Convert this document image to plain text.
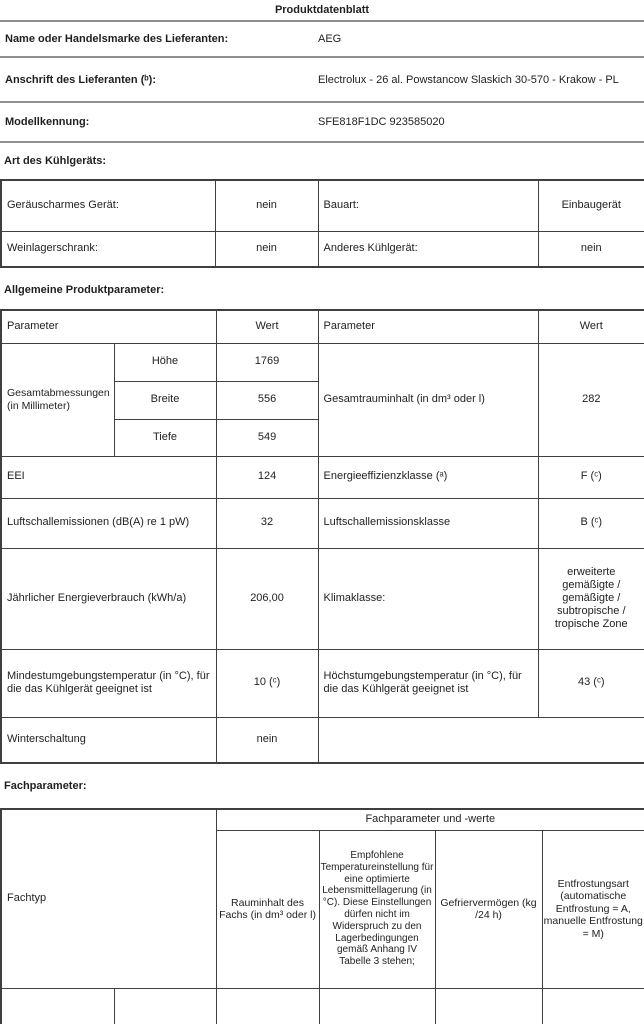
Produktdatenblatt
Name oder Handelsmarke des Lieferanten:	AEG
Anschrift des Lieferanten (ᵇ):	Electrolux - 26 al. Powstancow Slaskich 30-570 - Krakow - PL
Modellkennung:	SFE818F1DC 923585020
Art des Kühlgeräts:
Geräuscharmes Gerät:	nein	Bauart:	Einbaugerät
Weinlagerschrank:	nein	Anderes Kühlgerät:	nein
Allgemeine Produktparameter:
Parameter		Wert	Parameter	Wert
Gesamtabmessungen (in Millimeter)	Höhe	1769	Gesamtrauminhalt (in dm³ oder l)	282
	Breite	556		
	Tiefe	549		
EEI		124	Energieeffizienzklasse (ᵃ)	F (ᶜ)
Luftschallemissionen (dB(A) re 1 pW)		32	Luftschallemissionsklasse	B (ᶜ)
Jährlicher Energieverbrauch (kWh/a)		206,00	Klimaklasse:	erweiterte gemäßigte / gemäßigte / subtropische / tropische Zone
Mindestumgebungstemperatur (in °C), für die das Kühlgerät geeignet ist		10 (ᶜ)	Höchstumgebungstemperatur (in °C), für die das Kühlgerät geeignet ist	43 (ᶜ)
Winterschaltung		nein		
Fachparameter:
Fachtyp		Fachparameter und -werte			
		Rauminhalt des Fachs (in dm³ oder l)	Empfohlene Temperatureinstellung für eine optimierte Lebensmittellagerung (in °C). Diese Einstellungen dürfen nicht im Widerspruch zu den Lagerbedingungen gemäß Anhang IV Tabelle 3 stehen;	Gefriervermögen (kg /24 h)	Entfrostungsart (automatische Entfrostung = A, manuelle Entfrostung = M)
